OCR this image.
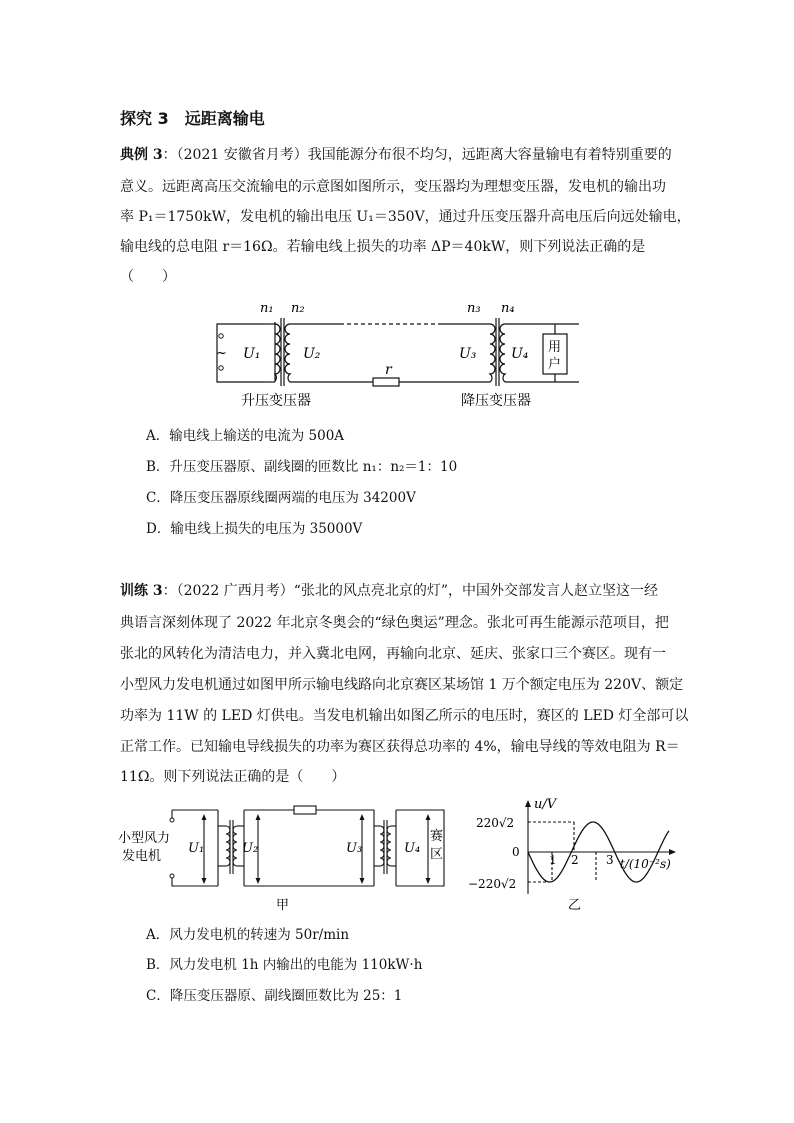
探究 3　远距离输电
典例 3：（2021 安徽省月考）我国能源分布很不均匀，远距离大容量输电有着特别重要的
意义。远距离高压交流输电的示意图如图所示，变压器均为理想变压器，发电机的输出功
率 P₁＝1750kW，发电机的输出电压 U₁＝350V，通过升压变压器升高电压后向远处输电，
输电线的总电阻 r＝16Ω。若输电线上损失的功率 ΔP＝40kW，则下列说法正确的是
（　　）
~ U₁	U₂	U₃ U₄
n₁ n₂	n₃ n₄
r
用
户
升压变压器	降压变压器
A．输电线上输送的电流为 500A
B．升压变压器原、副线圈的匝数比 n₁：n₂＝1：10
C．降压变压器原线圈两端的电压为 34200V
D．输电线上损失的电压为 35000V
训练 3：（2022 广西月考）“张北的风点亮北京的灯”，中国外交部发言人赵立坚这一经
典语言深刻体现了 2022 年北京冬奥会的“绿色奥运”理念。张北可再生能源示范项目，把
张北的风转化为清洁电力，并入冀北电网，再输向北京、延庆、张家口三个赛区。现有一
小型风力发电机通过如图甲所示输电线路向北京赛区某场馆 1 万个额定电压为 220V、额定
功率为 11W 的 LED 灯供电。当发电机输出如图乙所示的电压时，赛区的 LED 灯全部可以
正常工作。已知输电导线损失的功率为赛区获得总功率的 4%，输电导线的等效电阻为 R＝
11Ω。则下列说法正确的是（　　）
小型风力
发电机
U₁	U₂	U₃	U₄
赛
区
甲
u/V
220√2
0
−220√2
1 2 3 t/(10⁻²s)
乙
A．风力发电机的转速为 50r/min
B．风力发电机 1h 内输出的电能为 110kW·h
C．降压变压器原、副线圈匝数比为 25：1
